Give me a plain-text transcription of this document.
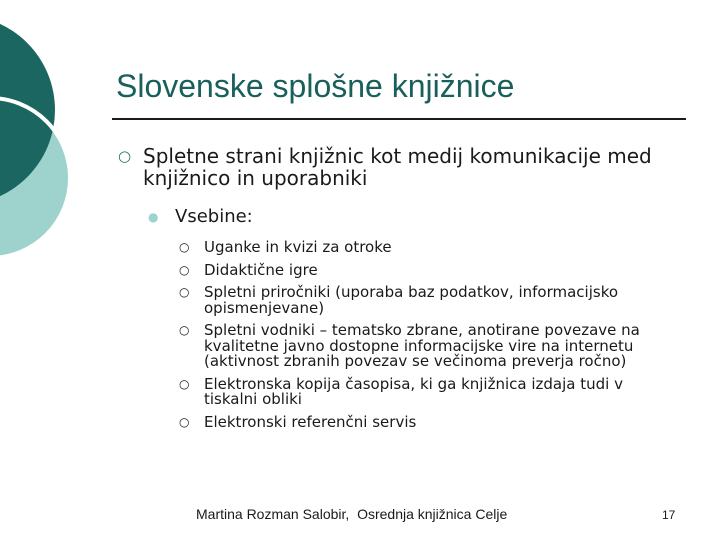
Slovenske splošne knjižnice
○ Spletne strani knjižnic kot medij komunikacije med knjižnico in uporabniki
● Vsebine:
○ Uganke in kvizi za otroke
○ Didaktične igre
○ Spletni priročniki (uporaba baz podatkov, informacijsko opismenjevane)
○ Spletni vodniki – tematsko zbrane, anotirane povezave na kvalitetne javno dostopne informacijske vire na internetu (aktivnost zbranih povezav se večinoma preverja ročno)
○ Elektronska kopija časopisa, ki ga knjižnica izdaja tudi v tiskalni obliki
○ Elektronski referenčni servis
Martina Rozman Salobir,  Osrednja knjižnica Celje	17
